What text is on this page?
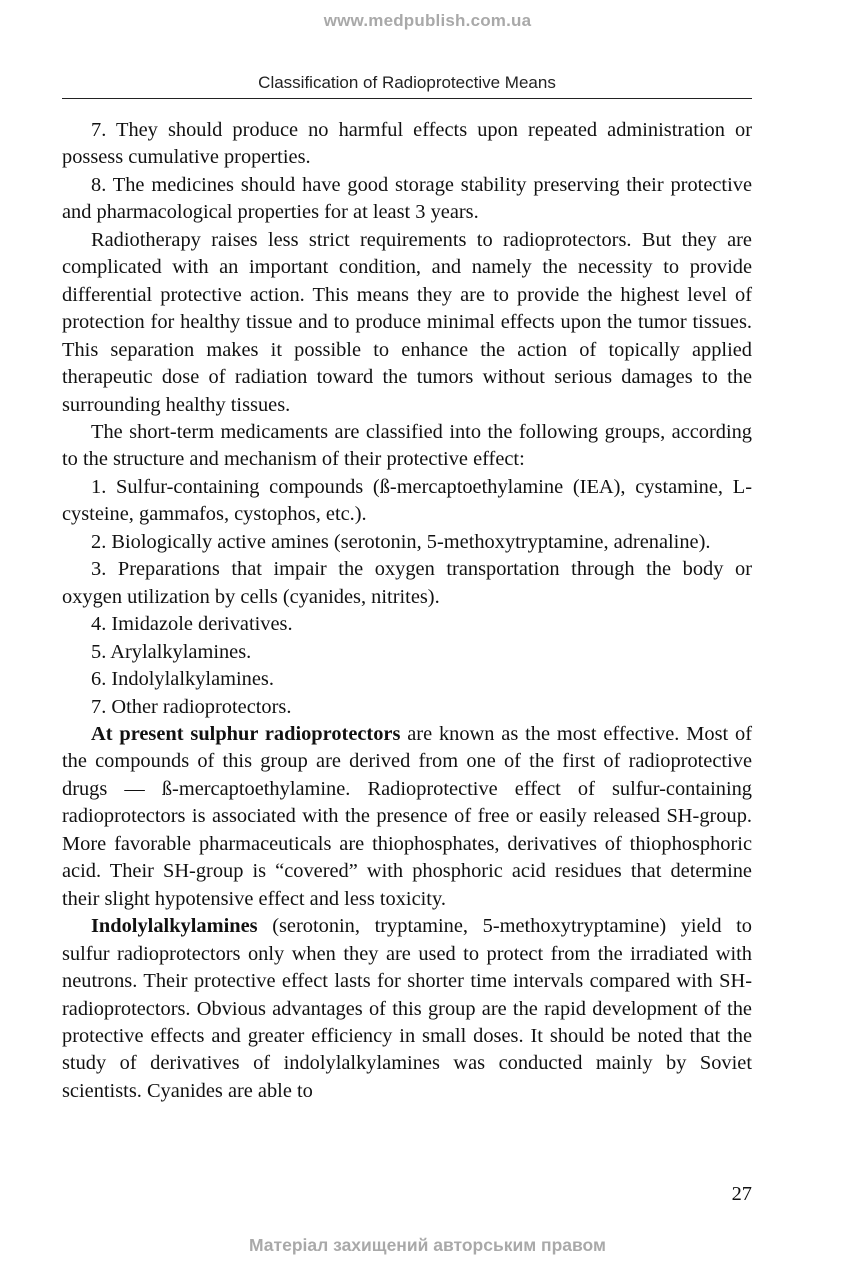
www.medpublish.com.ua
Classification of Radioprotective Means

7. They should produce no harmful effects upon repeated administration or possess cumulative properties.

8. The medicines should have good storage stability preserving their protective and pharmacological properties for at least 3 years.

Radiotherapy raises less strict requirements to radioprotectors. But they are complicated with an important condition, and namely the necessity to provide differential protective action. This means they are to provide the highest level of protection for healthy tissue and to produce minimal effects upon the tumor tissues. This separation makes it possible to enhance the action of topically applied therapeutic dose of radiation toward the tumors without serious damages to the surrounding healthy tissues.

The short-term medicaments are classified into the following groups, according to the structure and mechanism of their protective effect:

1. Sulfur-containing compounds (ß-mercaptoethylamine (IEA), cystamine, L-cysteine, gammafos, cystophos, etc.).

2. Biologically active amines (serotonin, 5-methoxytryptamine, adrenaline).

3. Preparations that impair the oxygen transportation through the body or oxygen utilization by cells (cyanides, nitrites).

4. Imidazole derivatives.

5. Arylalkylamines.

6. Indolylalkylamines.

7. Other radioprotectors.

At present sulphur radioprotectors are known as the most effective. Most of the compounds of this group are derived from one of the first of radioprotective drugs — ß-mercaptoethylamine. Radioprotective effect of sulfur-containing radioprotectors is associated with the presence of free or easily released SH-group. More favorable pharmaceuticals are thiophosphates, derivatives of thiophosphoric acid. Their SH-group is “covered” with phosphoric acid residues that determine their slight hypotensive effect and less toxicity.

Indolylalkylamines (serotonin, tryptamine, 5-methoxytryptamine) yield to sulfur radioprotectors only when they are used to protect from the irradiated with neutrons. Their protective effect lasts for shorter time intervals compared with SH-radioprotectors. Obvious advantages of this group are the rapid development of the protective effects and greater efficiency in small doses. It should be noted that the study of derivatives of indolylalkylamines was conducted mainly by Soviet scientists. Cyanides are able to

27
Матеріал захищений авторським правом
